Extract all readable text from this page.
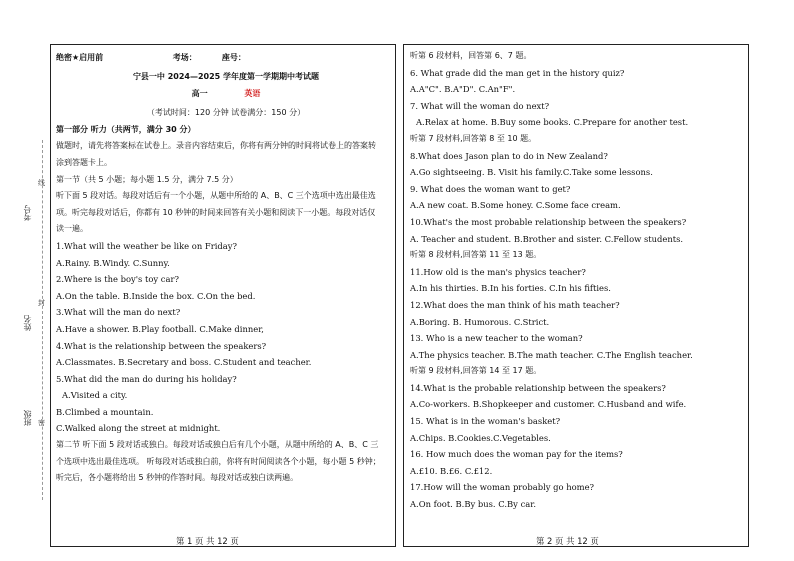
考号
姓名
班级
线
封
密
绝密★启用前                         考场：         座号：
宁县一中 2024—2025 学年度第一学期期中考试题
高一	英语
（考试时间：120 分钟 试卷满分：150 分）
第一部分 听力（共两节，满分 30 分）
做题时，请先将答案标在试卷上。录音内容结束后，你将有两分钟的时间将试卷上的答案转涂到答题卡上。
第一节（共 5 小题；每小题 1.5 分，满分 7.5 分）
听下面 5 段对话。每段对话后有一个小题，从题中所给的 A、B、C 三个选项中选出最佳选项。听完每段对话后，你都有 10 秒钟的时间来回答有关小题和阅读下一小题。每段对话仅读一遍。
1.What will the weather be like on Friday?
A.Rainy. B.Windy. C.Sunny.
2.Where is the boy's toy car?
A.On the table. B.Inside the box. C.On the bed.
3.What will the man do next?
A.Have a shower. B.Play football. C.Make dinner,
4.What is the relationship between the speakers?
A.Classmates. B.Secretary and boss. C.Student and teacher.
5.What did the man do during his holiday?
A.Visited a city.
B.Climbed a mountain.
C.Walked along the street at midnight.
第二节 听下面 5 段对话或独白。每段对话或独白后有几个小题，从题中所给的 A、B、C 三个选项中选出最佳选项。 听每段对话或独白前，你将有时间阅读各个小题，每小题 5 秒钟；听完后，各小题将给出 5 秒钟的作答时间。每段对话或独白读两遍。
听第 6 段材料，回答第 6、7 题。
6. What grade did the man get in the history quiz?
A.A"C". B.A"D". C.An"F".
7. What will the woman do next?
A.Relax at home. B.Buy some books. C.Prepare for another test.
听第 7 段材料,回答第 8 至 10 题。
8.What does Jason plan to do in New Zealand?
A.Go sightseeing. B. Visit his family.C.Take some lessons.
9. What does the woman want to get?
A.A new coat. B.Some honey. C.Some face cream.
10.What's the most probable relationship between the speakers?
A. Teacher and student. B.Brother and sister. C.Fellow students.
听第 8 段材料,回答第 11 至 13 题。
11.How old is the man's physics teacher?
A.In his thirties. B.In his forties. C.In his fifties.
12.What does the man think of his math teacher?
A.Boring. B. Humorous. C.Strict.
13. Who is a new teacher to the woman?
A.The physics teacher. B.The math teacher. C.The English teacher.
听第 9 段材料,回答第 14 至 17 题。
14.What is the probable relationship between the speakers?
A.Co-workers. B.Shopkeeper and customer. C.Husband and wife.
15. What is in the woman's basket?
A.Chips. B.Cookies.C.Vegetables.
16. How much does the woman pay for the items?
A.£10. B.£6. C.£12.
17.How will the woman probably go home?
A.On foot. B.By bus. C.By car.
第 1 页 共 12 页	第 2 页 共 12 页
